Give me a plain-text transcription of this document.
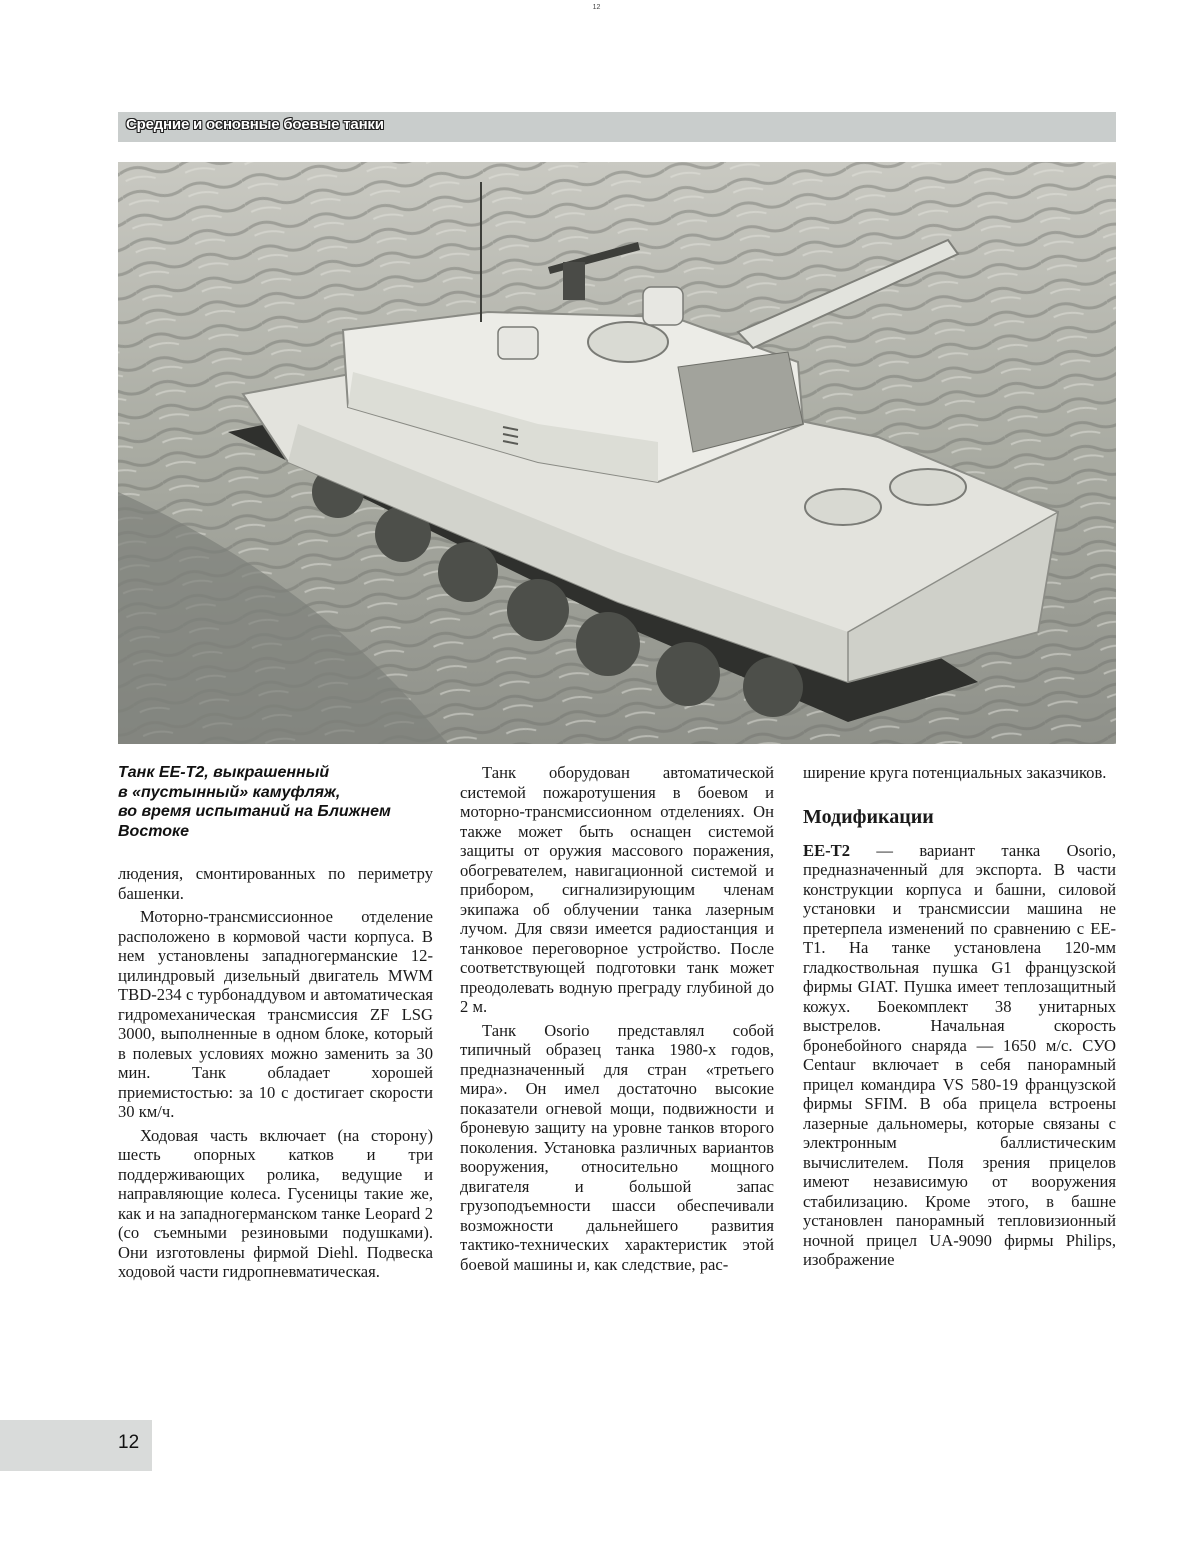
12
Средние и основные боевые танки
Танк EE-T2, выкрашенный
в «пустынный» камуфляж,
во время испытаний на Ближнем
Востоке

людения, смонтированных по периметру башенки.

Моторно-трансмиссионное отделение расположено в кормовой части корпуса. В нем установлены западногерманские 12-цилиндровый дизельный двигатель MWM TBD-234 с турбонаддувом и автоматическая гидромеханическая трансмиссия ZF LSG 3000, выполненные в одном блоке, который в полевых условиях можно заменить за 30 мин. Танк обладает хорошей приемистостью: за 10 с достигает скорости 30 км/ч.

Ходовая часть включает (на сторону) шесть опорных катков и три поддерживающих ролика, ведущие и направляющие колеса. Гусеницы такие же, как и на западногерманском танке Leopard 2 (со съемными резиновыми подушками). Они изготовлены фирмой Diehl. Подвеска ходовой части гидропневматическая.

Танк оборудован автоматической системой пожаротушения в боевом и моторно-трансмиссионном отделениях. Он также может быть оснащен системой защиты от оружия массового поражения, обогревателем, навигационной системой и прибором, сигнализирующим членам экипажа об облучении танка лазерным лучом. Для связи имеется радиостанция и танковое переговорное устройство. После соответствующей подготовки танк может преодолевать водную преграду глубиной до 2 м.

Танк Osorio представлял собой типичный образец танка 1980-х годов, предназначенный для стран «третьего мира». Он имел достаточно высокие показатели огневой мощи, подвижности и броневую защиту на уровне танков второго поколения. Установка различных вариантов вооружения, относительно мощного двигателя и большой запас грузоподъемности шасси обеспечивали возможности дальнейшего развития тактико-технических характеристик этой боевой машины и, как следствие, рас-

ширение круга потенциальных заказчиков.

Модификации

EE-T2 — вариант танка Osorio, предназначенный для экспорта. В части конструкции корпуса и башни, силовой установки и трансмиссии машина не претерпела изменений по сравнению с EE-T1. На танке установлена 120-мм гладкоствольная пушка G1 французской фирмы GIAT. Пушка имеет теплозащитный кожух. Боекомплект 38 унитарных выстрелов. Начальная скорость бронебойного снаряда — 1650 м/с. СУО Centaur включает в себя панорамный прицел командира VS 580-19 французской фирмы SFIM. В оба прицела встроены лазерные дальномеры, которые связаны с электронным баллистическим вычислителем. Поля зрения прицелов имеют независимую от вооружения стабилизацию. Кроме этого, в башне установлен панорамный тепловизионный ночной прицел UA-9090 фирмы Philips, изображение

12
